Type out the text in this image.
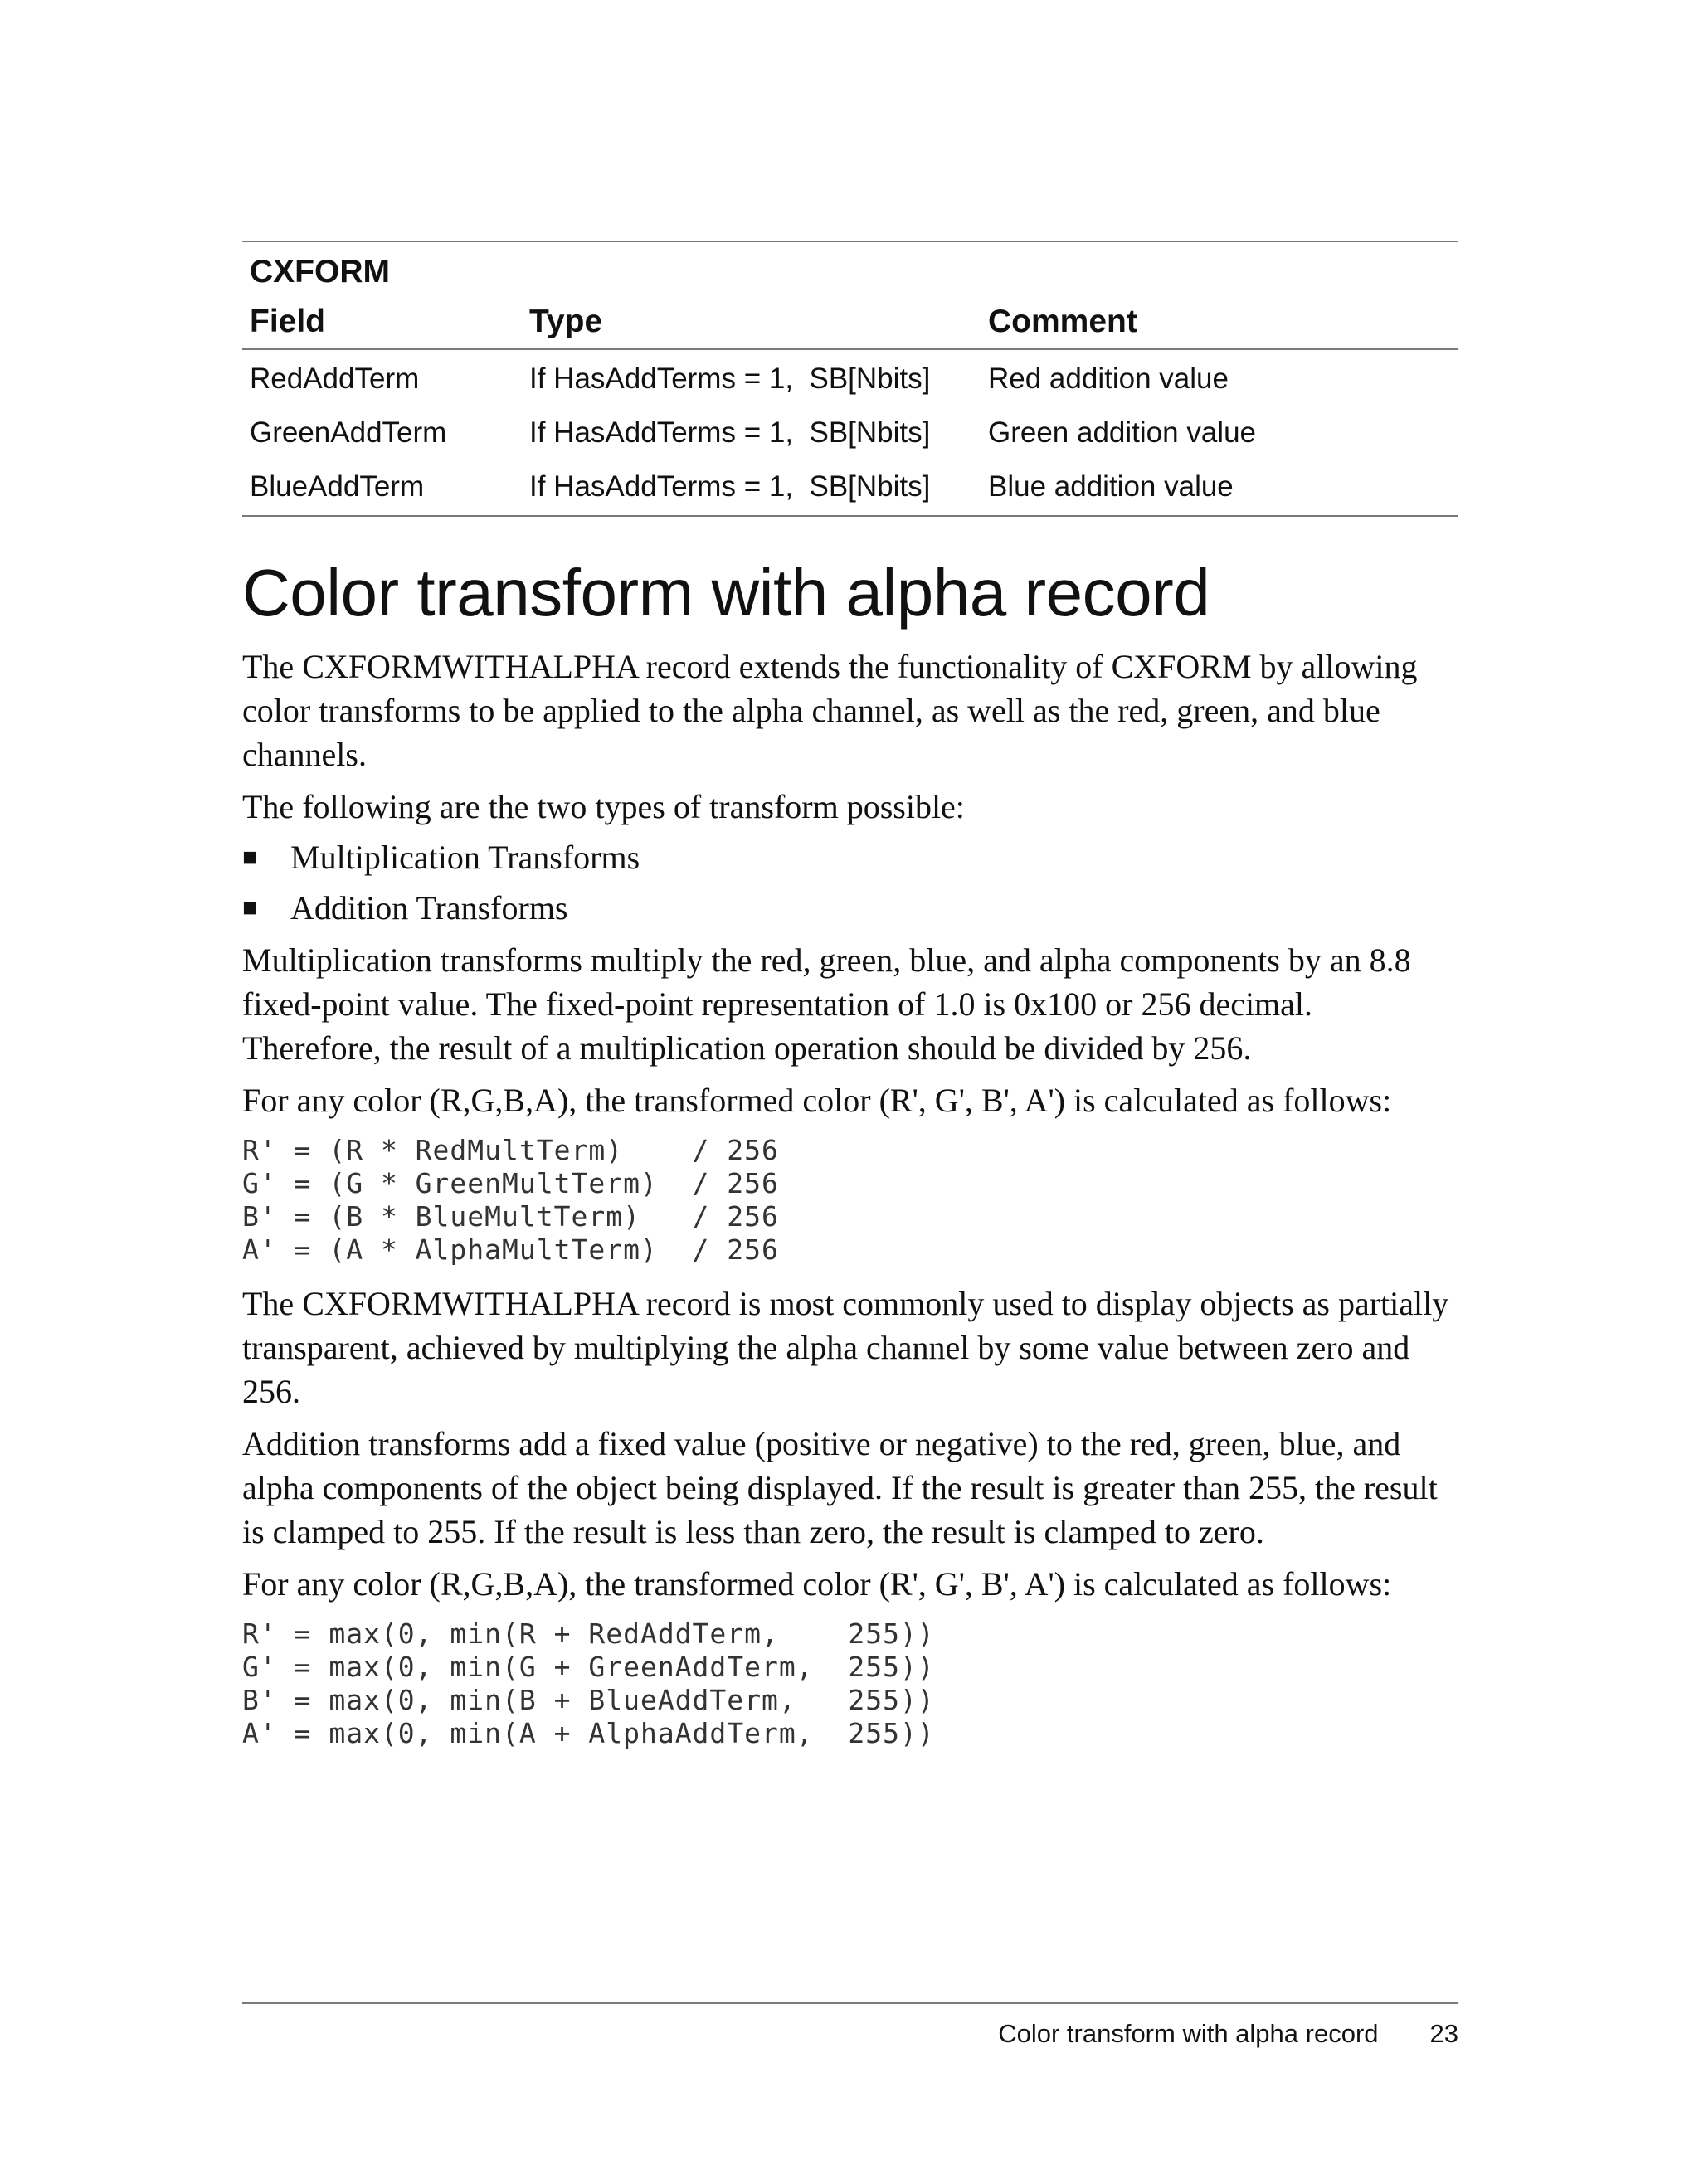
CXFORM
Field	Type	Comment
RedAddTerm	If HasAddTerms = 1,  SB[Nbits]	Red addition value
GreenAddTerm	If HasAddTerms = 1,  SB[Nbits]	Green addition value
BlueAddTerm	If HasAddTerms = 1,  SB[Nbits]	Blue addition value
Color transform with alpha record

The CXFORMWITHALPHA record extends the functionality of CXFORM by allowing color transforms to be applied to the alpha channel, as well as the red, green, and blue channels.

The following are the two types of transform possible:

■ Multiplication Transforms
■ Addition Transforms

Multiplication transforms multiply the red, green, blue, and alpha components by an 8.8 fixed-point value. The fixed-point representation of 1.0 is 0x100 or 256 decimal. Therefore, the result of a multiplication operation should be divided by 256.

For any color (R,G,B,A), the transformed color (R', G', B', A') is calculated as follows:

R' = (R * RedMultTerm)    / 256
G' = (G * GreenMultTerm)  / 256
B' = (B * BlueMultTerm)   / 256
A' = (A * AlphaMultTerm)  / 256

The CXFORMWITHALPHA record is most commonly used to display objects as partially transparent, achieved by multiplying the alpha channel by some value between zero and 256.

Addition transforms add a fixed value (positive or negative) to the red, green, blue, and alpha components of the object being displayed. If the result is greater than 255, the result is clamped to 255. If the result is less than zero, the result is clamped to zero.

For any color (R,G,B,A), the transformed color (R', G', B', A') is calculated as follows:

R' = max(0, min(R + RedAddTerm,    255))
G' = max(0, min(G + GreenAddTerm,  255))
B' = max(0, min(B + BlueAddTerm,   255))
A' = max(0, min(A + AlphaAddTerm,  255))
Color transform with alpha record 23
